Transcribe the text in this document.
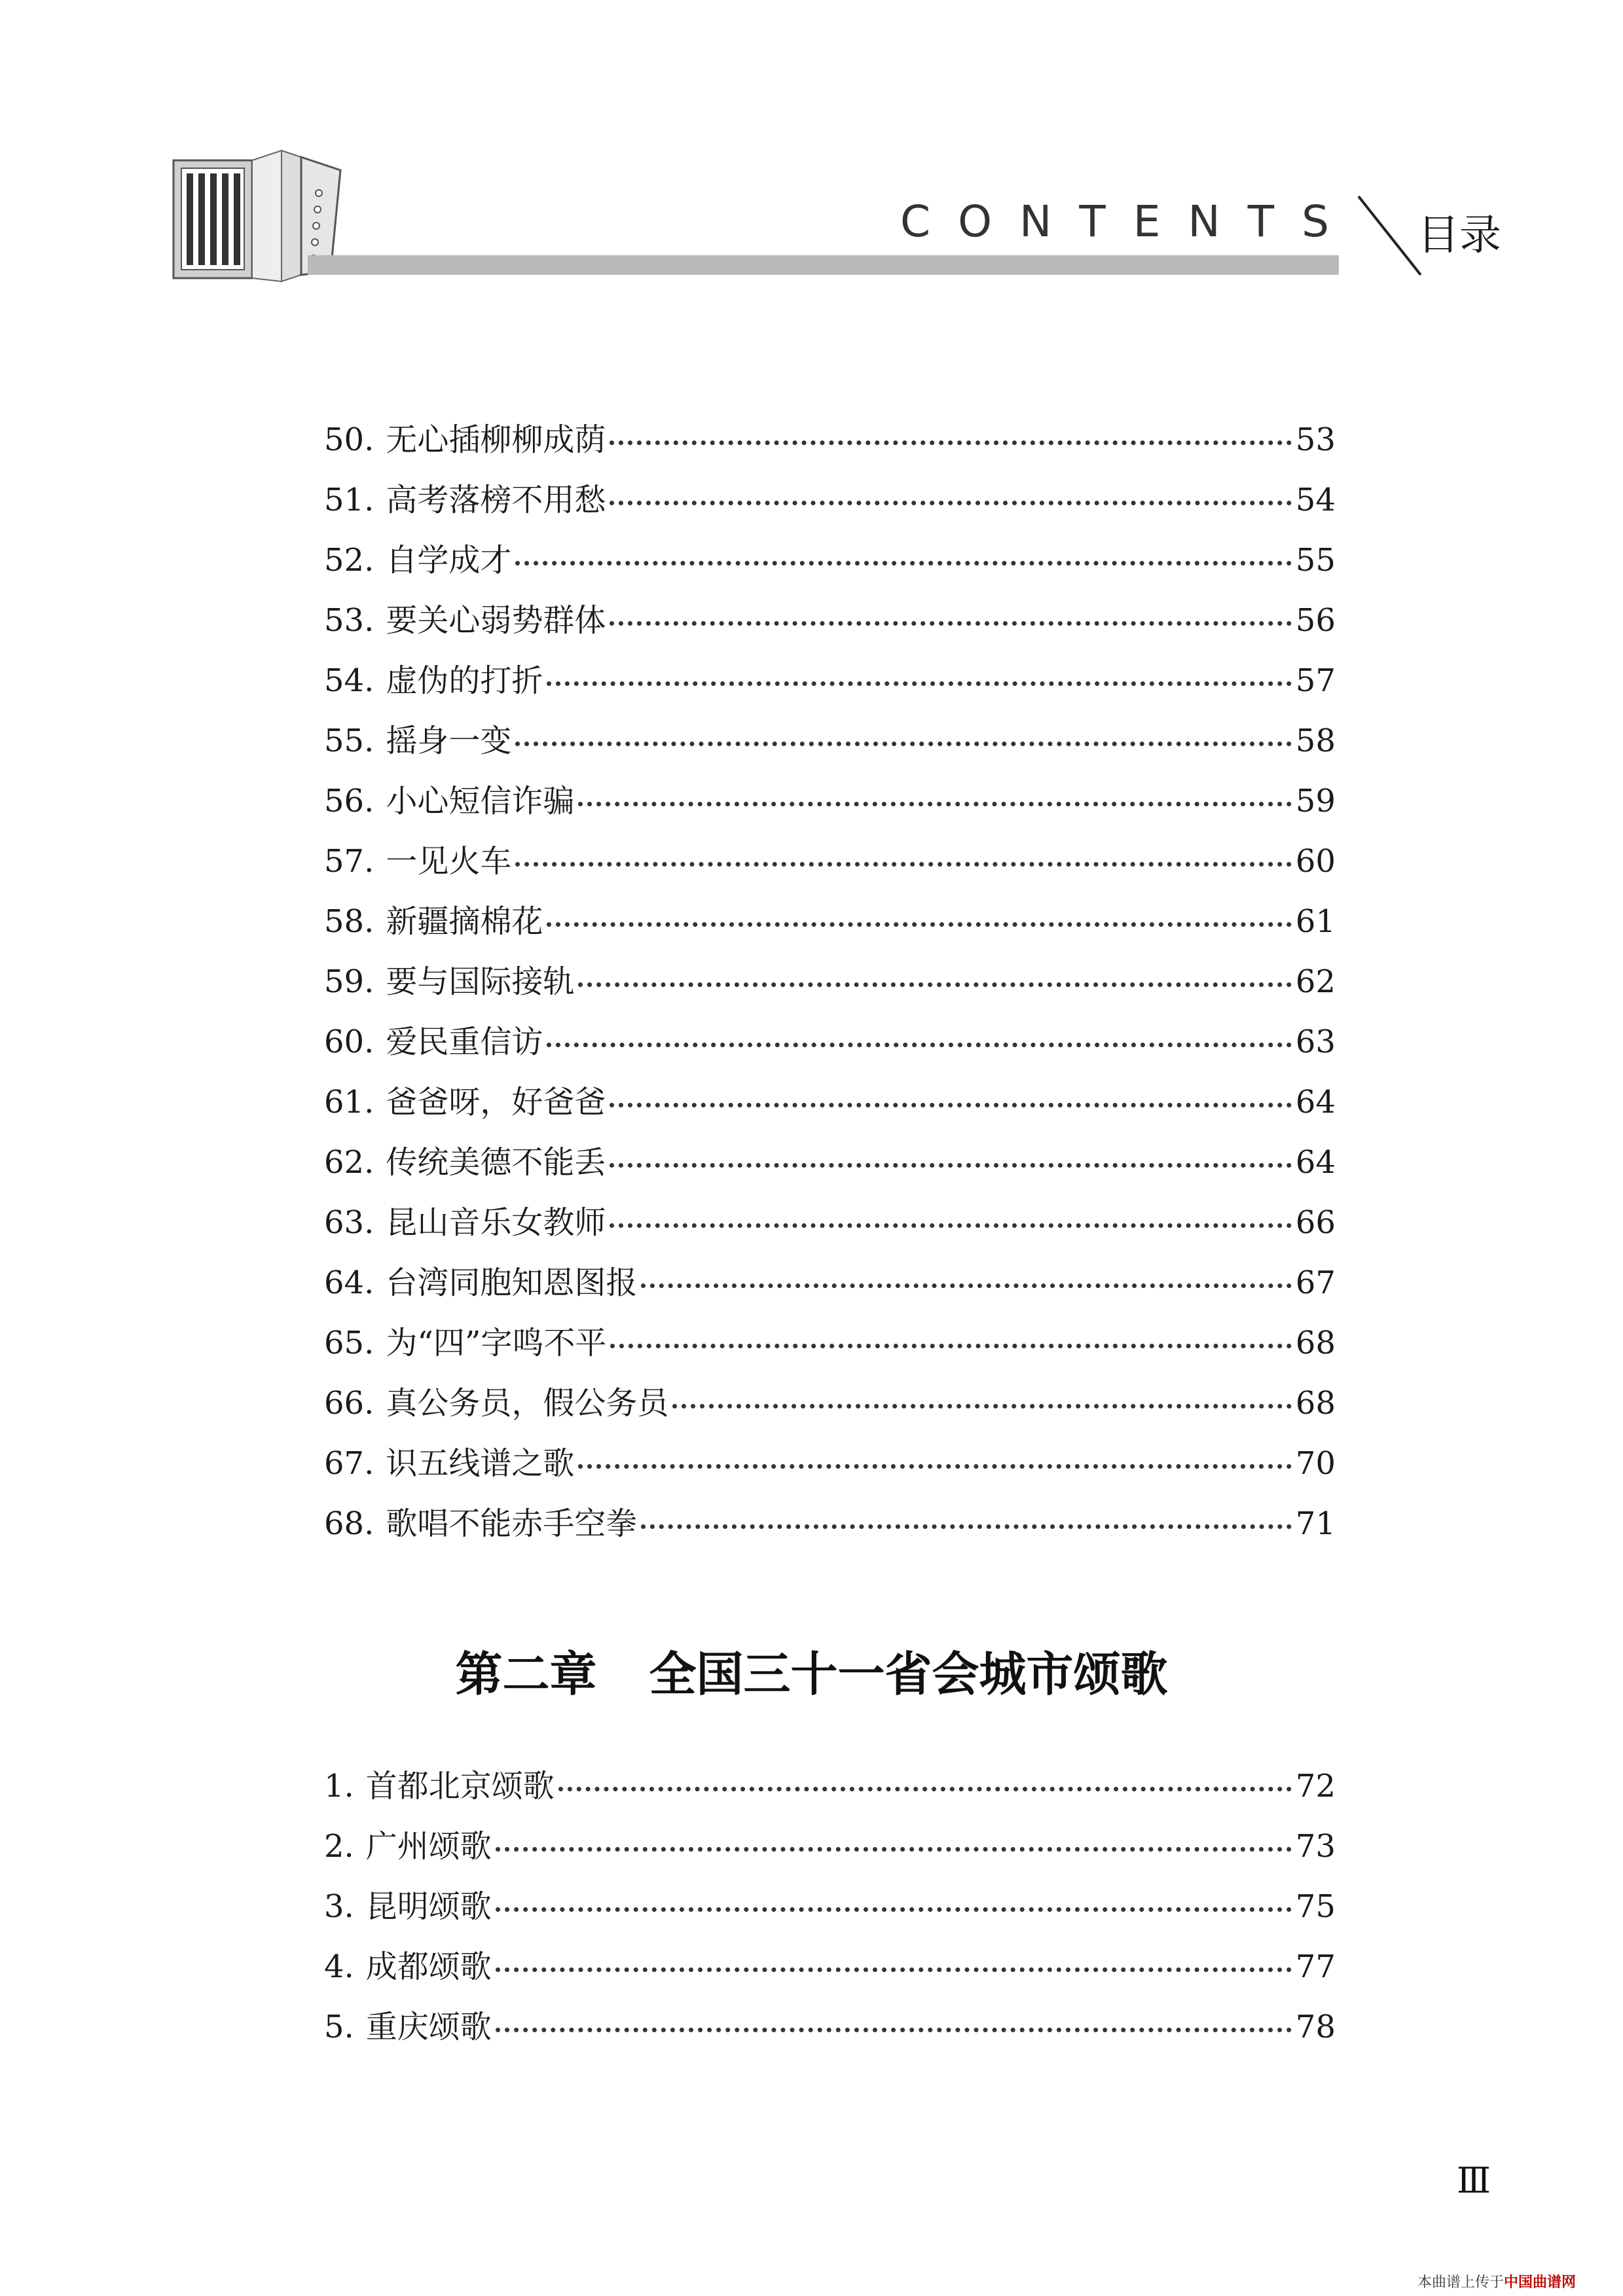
CONTENTS 目录
50. 无心插柳柳成荫	53
51. 高考落榜不用愁	54
52. 自学成才	55
53. 要关心弱势群体	56
54. 虚伪的打折	57
55. 摇身一变	58
56. 小心短信诈骗	59
57. 一见火车	60
58. 新疆摘棉花	61
59. 要与国际接轨	62
60. 爱民重信访	63
61. 爸爸呀，好爸爸	64
62. 传统美德不能丢	64
63. 昆山音乐女教师	66
64. 台湾同胞知恩图报	67
65. 为“四”字鸣不平	68
66. 真公务员，假公务员	68
67. 识五线谱之歌	70
68. 歌唱不能赤手空拳	71
第二章 全国三十一省会城市颂歌
1. 首都北京颂歌	72
2. 广州颂歌	73
3. 昆明颂歌	75
4. 成都颂歌	77
5. 重庆颂歌	78
Ⅲ
本曲谱上传于中国曲谱网
